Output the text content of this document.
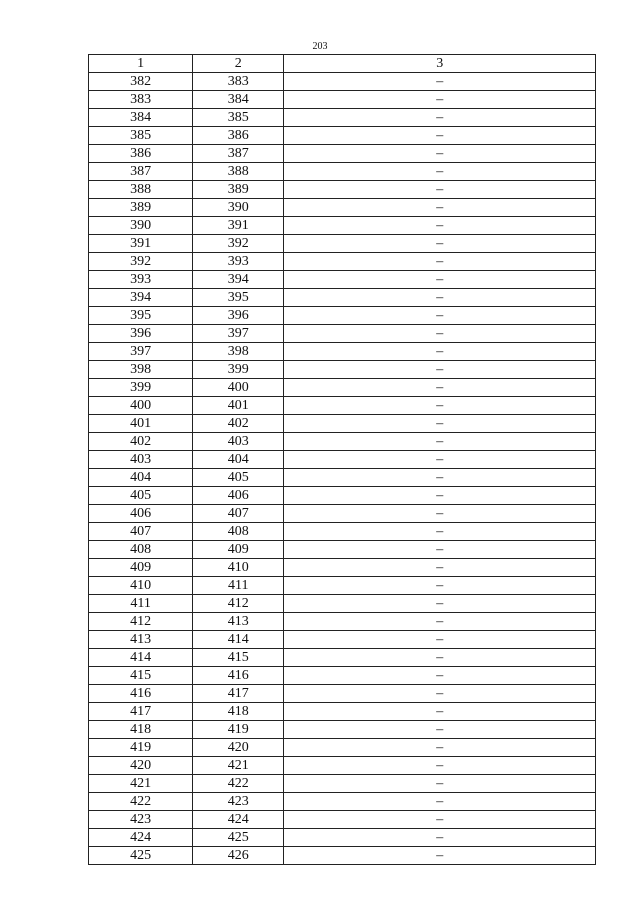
203
1	2	3
382	383	–
383	384	–
384	385	–
385	386	–
386	387	–
387	388	–
388	389	–
389	390	–
390	391	–
391	392	–
392	393	–
393	394	–
394	395	–
395	396	–
396	397	–
397	398	–
398	399	–
399	400	–
400	401	–
401	402	–
402	403	–
403	404	–
404	405	–
405	406	–
406	407	–
407	408	–
408	409	–
409	410	–
410	411	–
411	412	–
412	413	–
413	414	–
414	415	–
415	416	–
416	417	–
417	418	–
418	419	–
419	420	–
420	421	–
421	422	–
422	423	–
423	424	–
424	425	–
425	426	–
